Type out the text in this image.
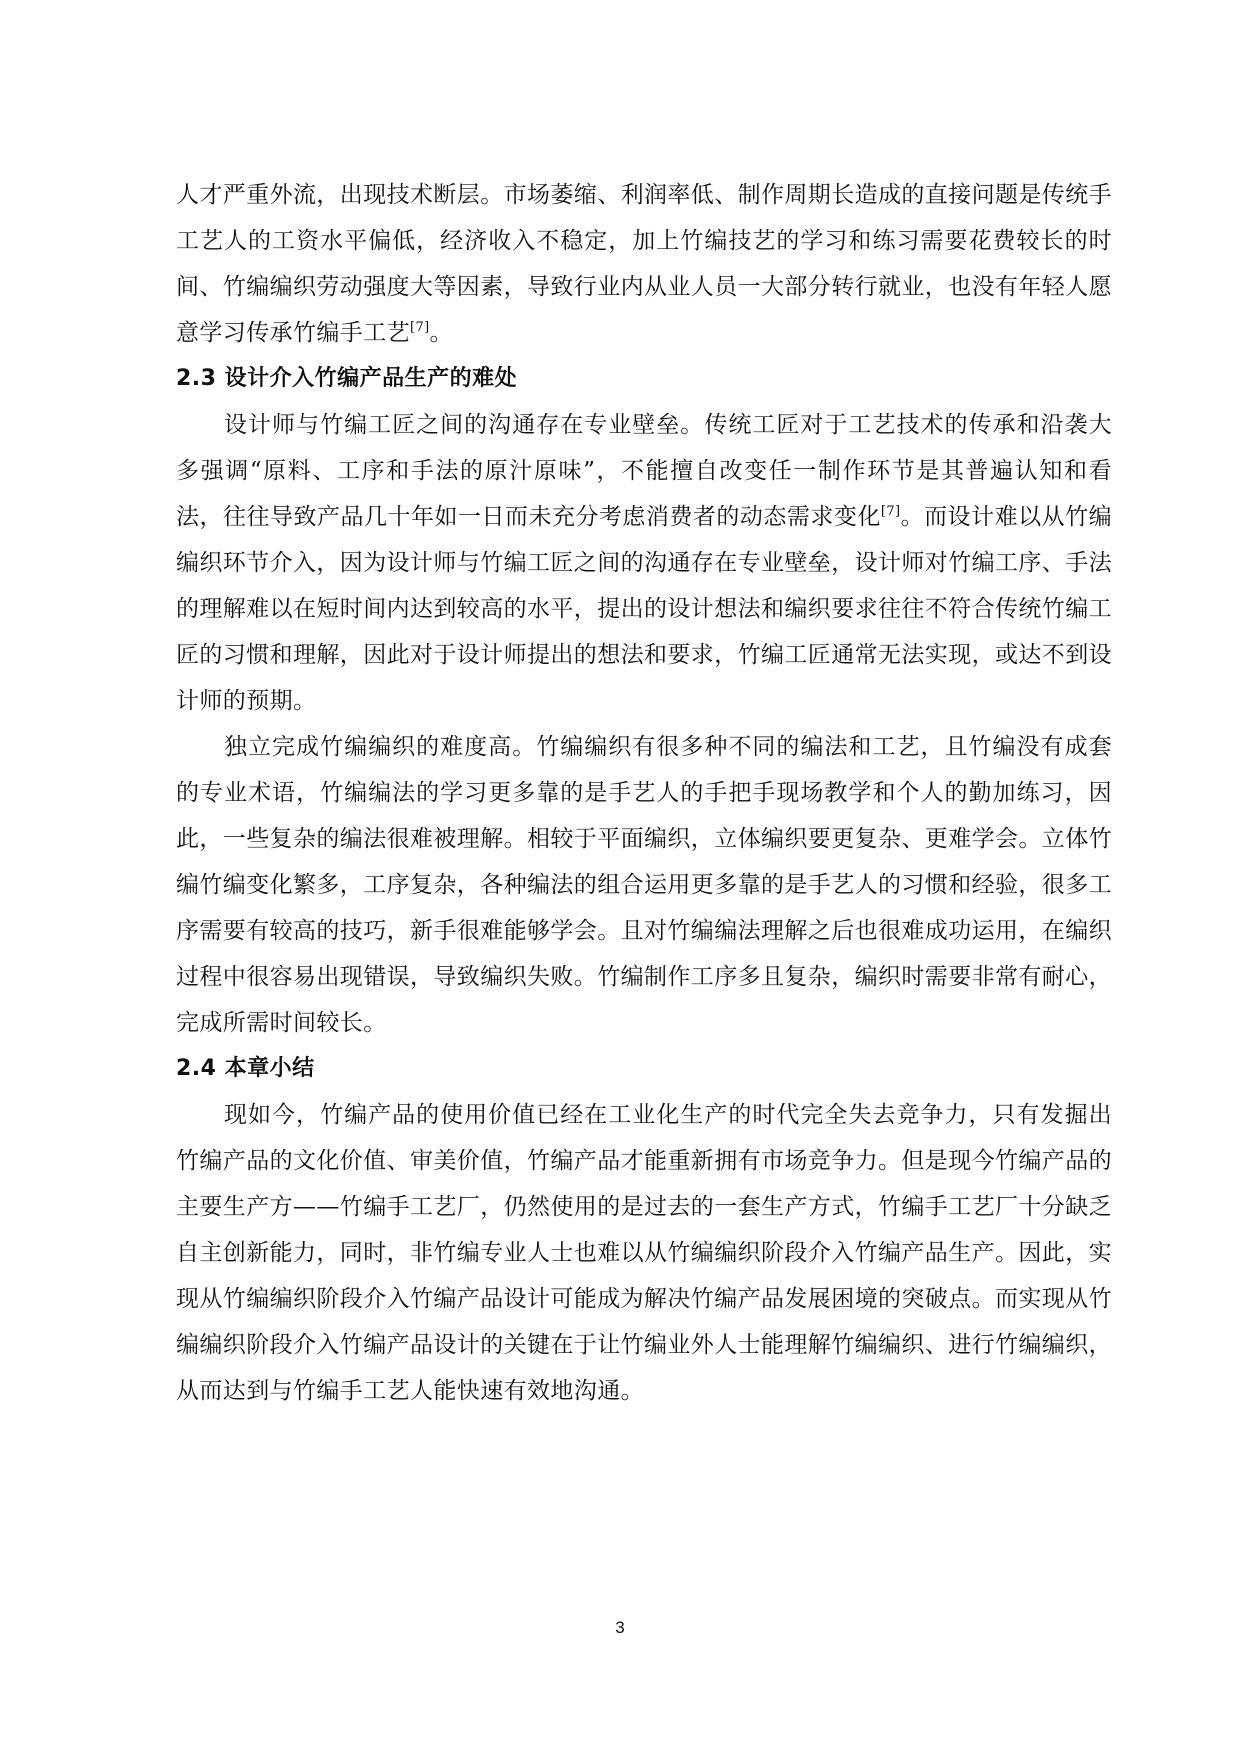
人才严重外流，出现技术断层。市场萎缩、利润率低、制作周期长造成的直接问题是传统手工艺人的工资水平偏低，经济收入不稳定，加上竹编技艺的学习和练习需要花费较长的时间、竹编编织劳动强度大等因素，导致行业内从业人员一大部分转行就业，也没有年轻人愿意学习传承竹编手工艺[7]。

2.3 设计介入竹编产品生产的难处

设计师与竹编工匠之间的沟通存在专业壁垒。传统工匠对于工艺技术的传承和沿袭大多强调“原料、工序和手法的原汁原味”，不能擅自改变任一制作环节是其普遍认知和看法，往往导致产品几十年如一日而未充分考虑消费者的动态需求变化[7]。而设计难以从竹编编织环节介入，因为设计师与竹编工匠之间的沟通存在专业壁垒，设计师对竹编工序、手法的理解难以在短时间内达到较高的水平，提出的设计想法和编织要求往往不符合传统竹编工匠的习惯和理解，因此对于设计师提出的想法和要求，竹编工匠通常无法实现，或达不到设计师的预期。

独立完成竹编编织的难度高。竹编编织有很多种不同的编法和工艺，且竹编没有成套的专业术语，竹编编法的学习更多靠的是手艺人的手把手现场教学和个人的勤加练习，因此，一些复杂的编法很难被理解。相较于平面编织，立体编织要更复杂、更难学会。立体竹编竹编变化繁多，工序复杂，各种编法的组合运用更多靠的是手艺人的习惯和经验，很多工序需要有较高的技巧，新手很难能够学会。且对竹编编法理解之后也很难成功运用，在编织过程中很容易出现错误，导致编织失败。竹编制作工序多且复杂，编织时需要非常有耐心，完成所需时间较长。

2.4 本章小结

现如今，竹编产品的使用价值已经在工业化生产的时代完全失去竞争力，只有发掘出竹编产品的文化价值、审美价值，竹编产品才能重新拥有市场竞争力。但是现今竹编产品的主要生产方——竹编手工艺厂，仍然使用的是过去的一套生产方式，竹编手工艺厂十分缺乏自主创新能力，同时，非竹编专业人士也难以从竹编编织阶段介入竹编产品生产。因此，实现从竹编编织阶段介入竹编产品设计可能成为解决竹编产品发展困境的突破点。而实现从竹编编织阶段介入竹编产品设计的关键在于让竹编业外人士能理解竹编编织、进行竹编编织，从而达到与竹编手工艺人能快速有效地沟通。

3
